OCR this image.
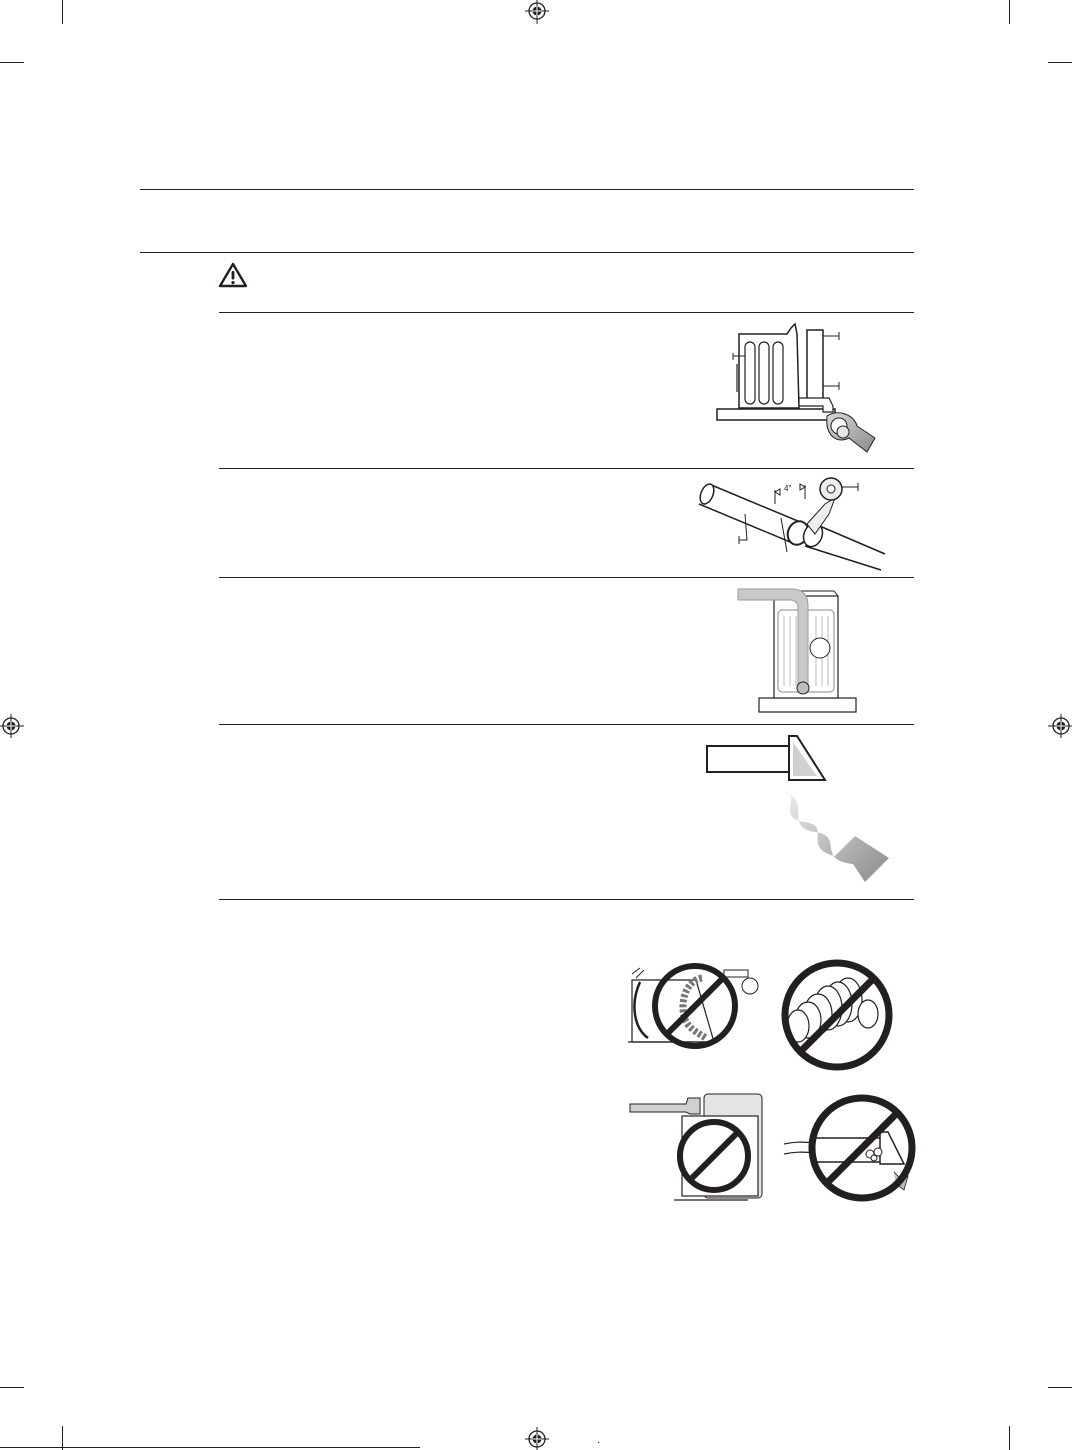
.
4"
